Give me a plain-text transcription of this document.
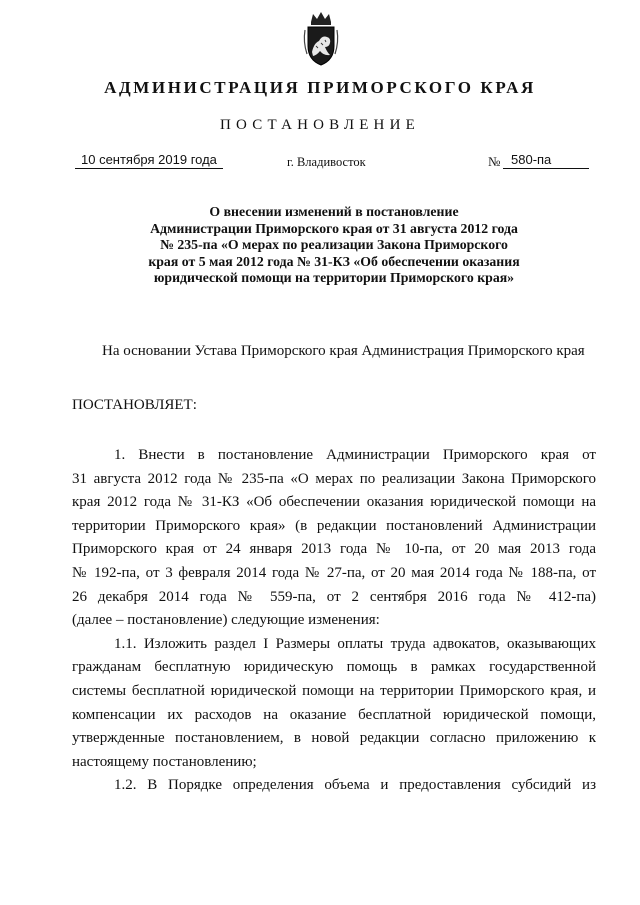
АДМИНИСТРАЦИЯ ПРИМОРСКОГО КРАЯ
ПОСТАНОВЛЕНИЕ
10 сентября 2019 года	г. Владивосток	№ 580-па
О внесении изменений в постановление
Администрации Приморского края от 31 августа 2012 года
№ 235-па «О мерах по реализации Закона Приморского
края от 5 мая 2012 года № 31-КЗ «Об обеспечении оказания
юридической помощи на территории Приморского края»
На основании Устава Приморского края Администрация Приморского края
ПОСТАНОВЛЯЕТ:
1. Внести в постановление Администрации Приморского края от
31 августа 2012 года № 235-па «О мерах по реализации Закона Приморского
края 2012 года № 31-КЗ «Об обеспечении оказания юридической помощи на
территории Приморского края» (в редакции постановлений Администрации
Приморского края от 24 января 2013 года № 10-па, от 20 мая 2013 года
№ 192-па, от 3 февраля 2014 года № 27-па, от 20 мая 2014 года № 188-па, от
26 декабря 2014 года № 559-па, от 2 сентября 2016 года № 412-па)
(далее – постановление) следующие изменения:
1.1. Изложить раздел I Размеры оплаты труда адвокатов, оказывающих
гражданам бесплатную юридическую помощь в рамках государственной
системы бесплатной юридической помощи на территории Приморского края, и
компенсации их расходов на оказание бесплатной юридической помощи,
утвержденные постановлением, в новой редакции согласно приложению к
настоящему постановлению;
1.2. В Порядке определения объема и предоставления субсидий из
